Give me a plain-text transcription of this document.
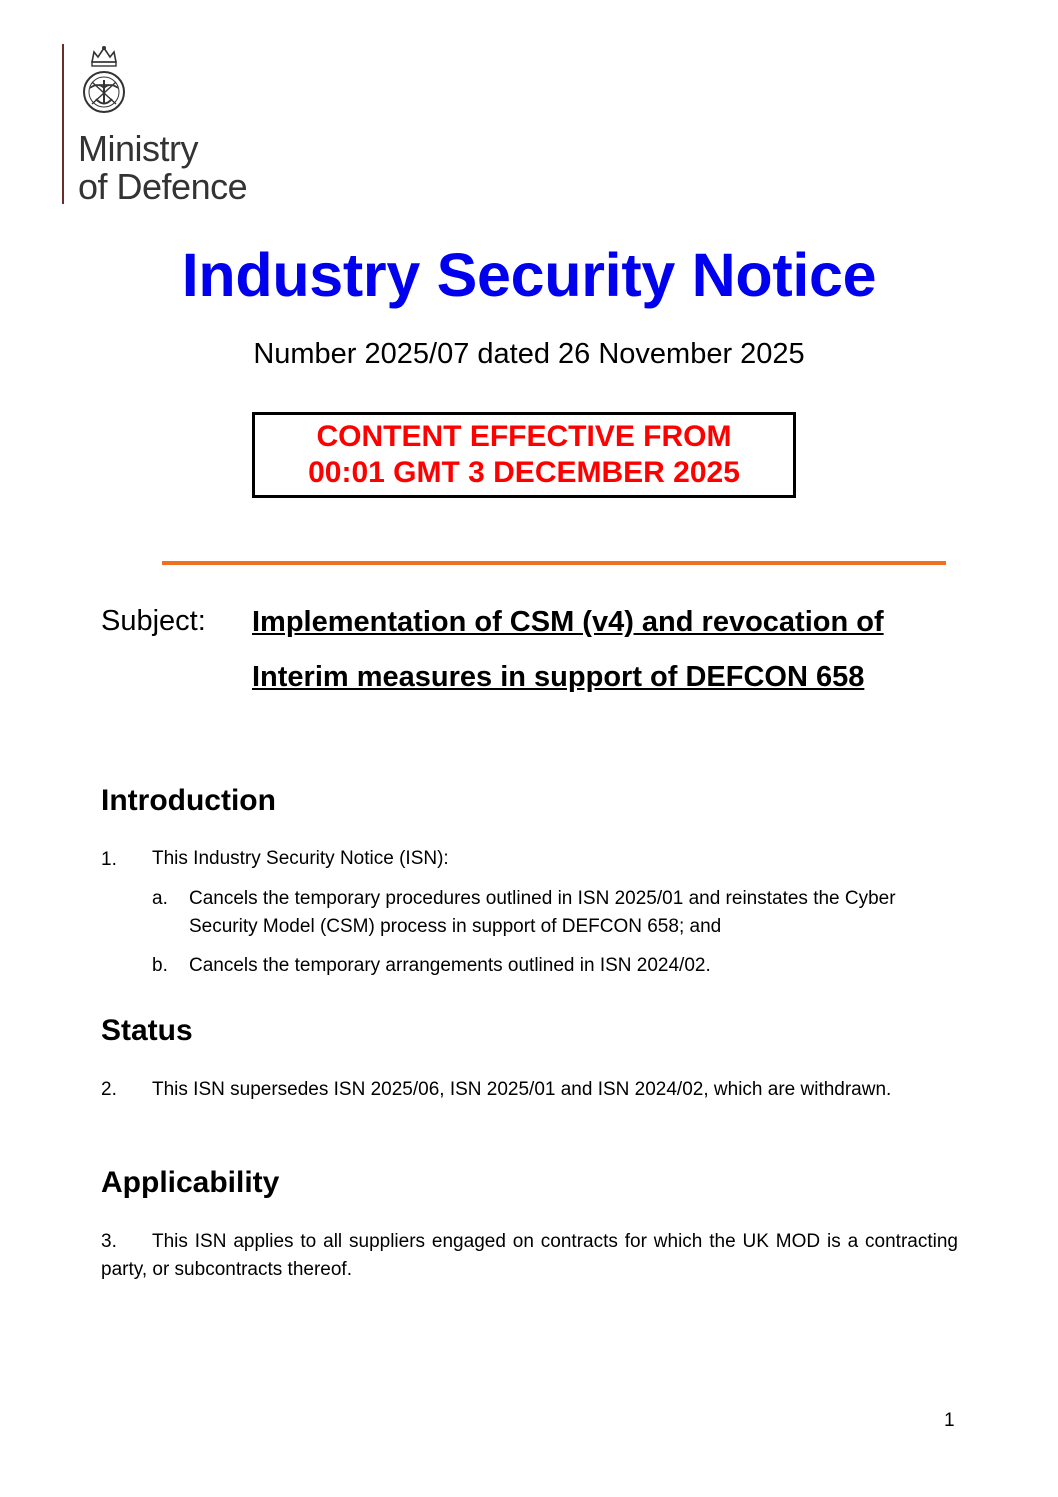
Ministry
of Defence
Industry Security Notice
Number 2025/07 dated 26 November 2025
CONTENT EFFECTIVE FROM
00:01 GMT 3 DECEMBER 2025
Subject: Implementation of CSM (v4) and revocation of
Interim measures in support of DEFCON 658
Introduction
1. This Industry Security Notice (ISN):
a. Cancels the temporary procedures outlined in ISN 2025/01 and reinstates the Cyber Security Model (CSM) process in support of DEFCON 658; and
b. Cancels the temporary arrangements outlined in ISN 2024/02.
Status
2. This ISN supersedes ISN 2025/06, ISN 2025/01 and ISN 2024/02, which are withdrawn.
Applicability
3. This ISN applies to all suppliers engaged on contracts for which the UK MOD is a contracting party, or subcontracts thereof.
1
